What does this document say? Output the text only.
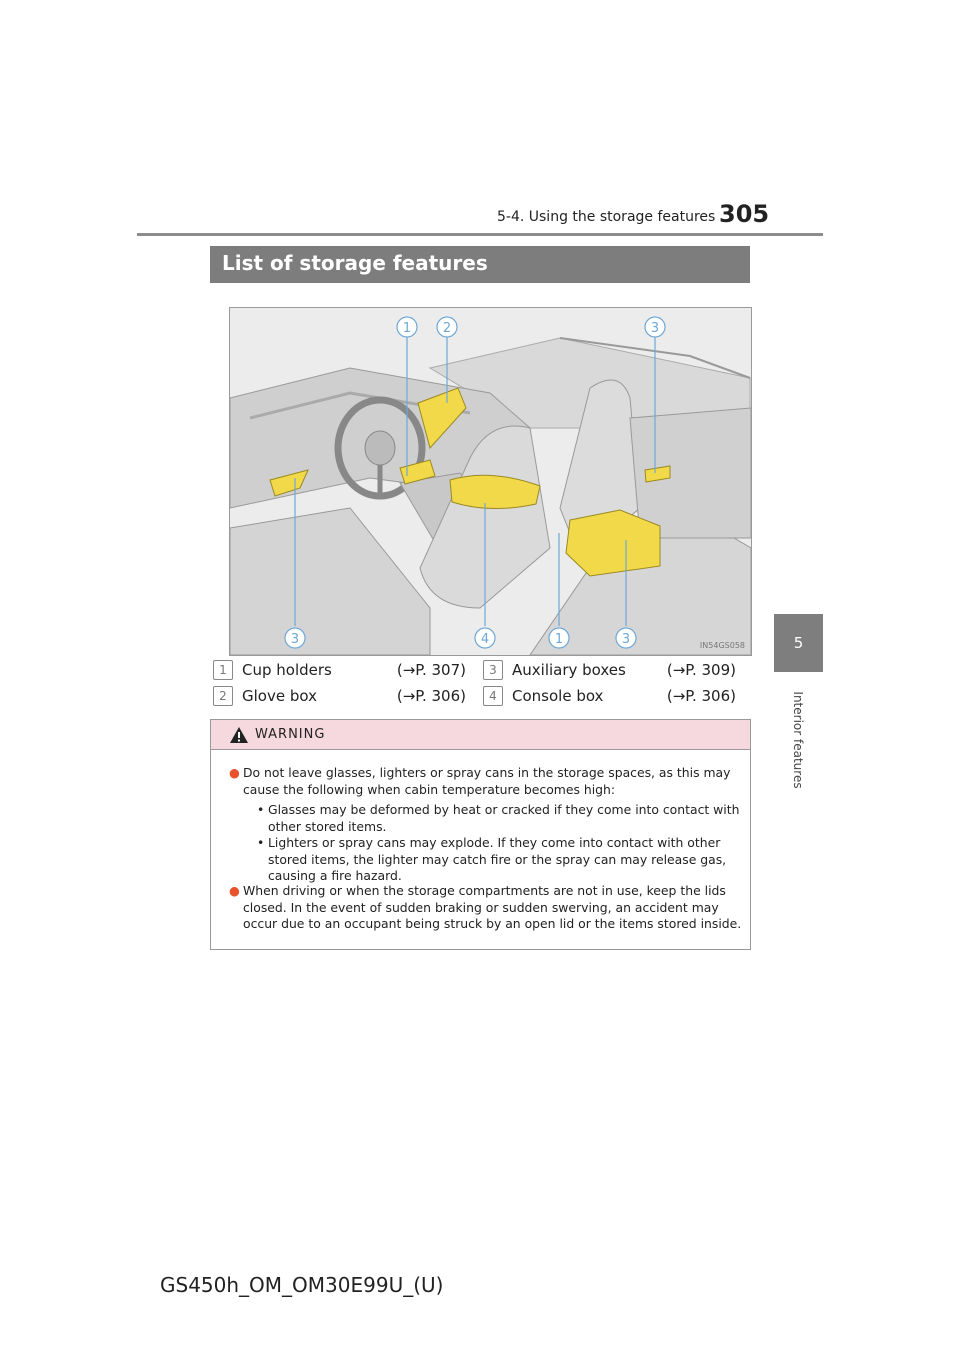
5-4. Using the storage features 305
5
Interior features
List of storage features
1 2	3
3	4	1	3	IN54GS058
1	Cup holders	(→P. 307)
2	Glove box	(→P. 306)
3	Auxiliary boxes	(→P. 309)
4	Console box	(→P. 306)
WARNING
● Do not leave glasses, lighters or spray cans in the storage spaces, as this may cause the following when cabin temperature becomes high:
• Glasses may be deformed by heat or cracked if they come into contact with other stored items.
• Lighters or spray cans may explode. If they come into contact with other stored items, the lighter may catch fire or the spray can may release gas, causing a fire hazard.
● When driving or when the storage compartments are not in use, keep the lids closed. In the event of sudden braking or sudden swerving, an accident may occur due to an occupant being struck by an open lid or the items stored inside.
GS450h_OM_OM30E99U_(U)
